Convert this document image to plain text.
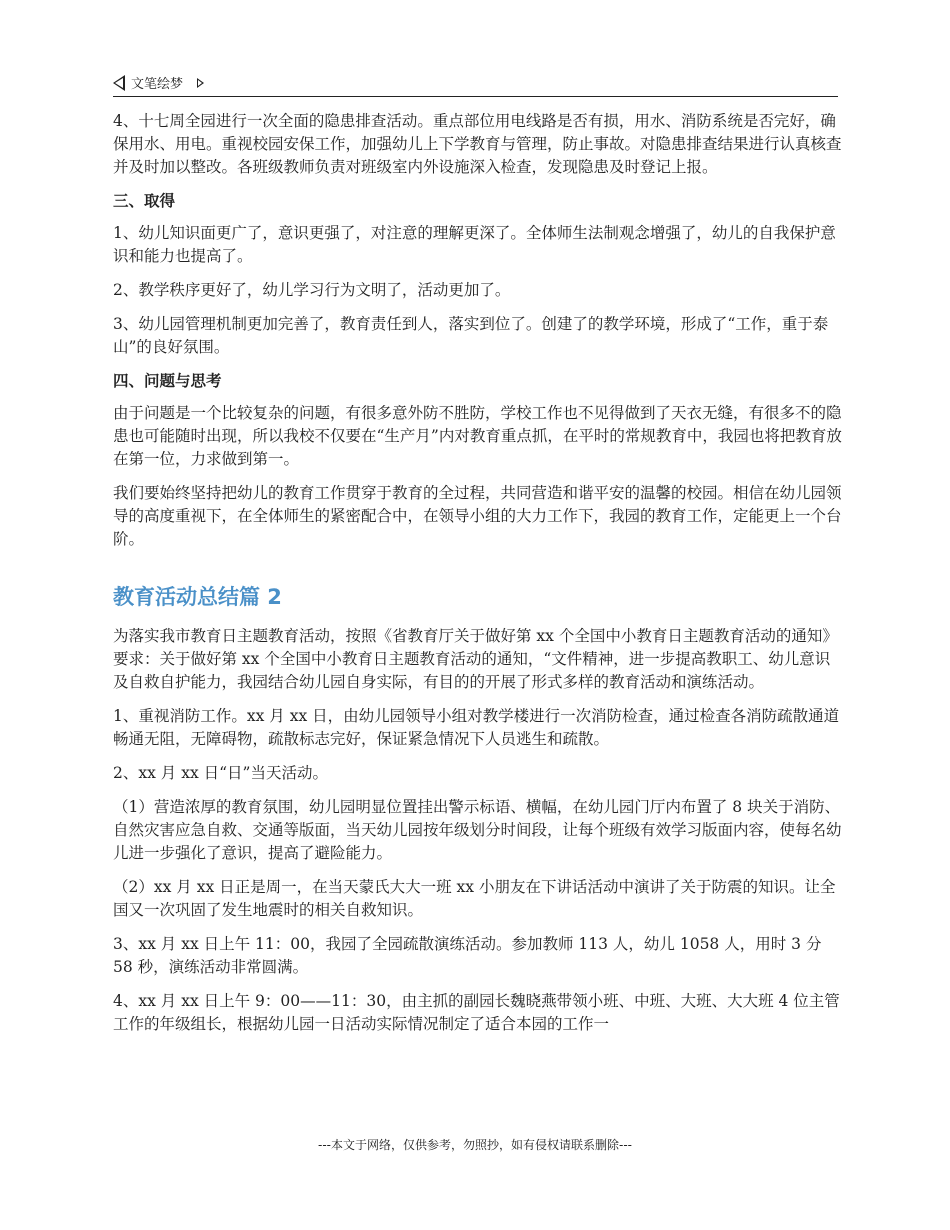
文笔绘梦

4、十七周全园进行一次全面的隐患排查活动。重点部位用电线路是否有损，用水、消防系统是否完好，确保用水、用电。重视校园安保工作，加强幼儿上下学教育与管理，防止事故。对隐患排查结果进行认真核查并及时加以整改。各班级教师负责对班级室内外设施深入检查，发现隐患及时登记上报。

三、取得

1、幼儿知识面更广了，意识更强了，对注意的理解更深了。全体师生法制观念增强了，幼儿的自我保护意识和能力也提高了。

2、教学秩序更好了，幼儿学习行为文明了，活动更加了。

3、幼儿园管理机制更加完善了，教育责任到人，落实到位了。创建了的教学环境，形成了“工作，重于泰山”的良好氛围。

四、问题与思考

由于问题是一个比较复杂的问题，有很多意外防不胜防，学校工作也不见得做到了天衣无缝，有很多不的隐患也可能随时出现，所以我校不仅要在“生产月”内对教育重点抓，在平时的常规教育中，我园也将把教育放在第一位，力求做到第一。

我们要始终坚持把幼儿的教育工作贯穿于教育的全过程，共同营造和谐平安的温馨的校园。相信在幼儿园领导的高度重视下，在全体师生的紧密配合中，在领导小组的大力工作下，我园的教育工作，定能更上一个台阶。

教育活动总结篇 2

为落实我市教育日主题教育活动，按照《省教育厅关于做好第 xx 个全国中小教育日主题教育活动的通知》要求：关于做好第 xx 个全国中小教育日主题教育活动的通知，“文件精神，进一步提高教职工、幼儿意识及自救自护能力，我园结合幼儿园自身实际，有目的的开展了形式多样的教育活动和演练活动。

1、重视消防工作。xx 月 xx 日，由幼儿园领导小组对教学楼进行一次消防检查，通过检查各消防疏散通道畅通无阻，无障碍物，疏散标志完好，保证紧急情况下人员逃生和疏散。

2、xx 月 xx 日“日”当天活动。

（1）营造浓厚的教育氛围，幼儿园明显位置挂出警示标语、横幅，在幼儿园门厅内布置了 8 块关于消防、自然灾害应急自救、交通等版面，当天幼儿园按年级划分时间段，让每个班级有效学习版面内容，使每名幼儿进一步强化了意识，提高了避险能力。

（2）xx 月 xx 日正是周一，在当天蒙氏大大一班 xx 小朋友在下讲话活动中演讲了关于防震的知识。让全国又一次巩固了发生地震时的相关自救知识。

3、xx 月 xx 日上午 11：00，我园了全园疏散演练活动。参加教师 113 人，幼儿 1058 人，用时 3 分 58 秒，演练活动非常圆满。

4、xx 月 xx 日上午 9：00——11：30，由主抓的副园长魏晓燕带领小班、中班、大班、大大班 4 位主管工作的年级组长，根据幼儿园一日活动实际情况制定了适合本园的工作一

---本文于网络，仅供参考，勿照抄，如有侵权请联系删除---
